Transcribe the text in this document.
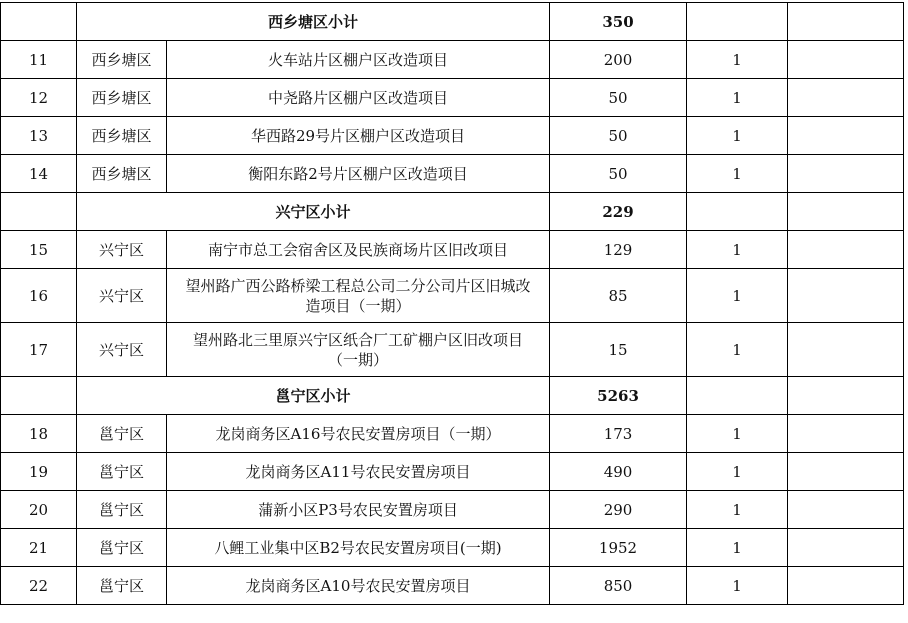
	西乡塘区小计		350		
11	西乡塘区	火车站片区棚户区改造项目	200	1	
12	西乡塘区	中尧路片区棚户区改造项目	50	1	
13	西乡塘区	华西路29号片区棚户区改造项目	50	1	
14	西乡塘区	衡阳东路2号片区棚户区改造项目	50	1	
	兴宁区小计		229		
15	兴宁区	南宁市总工会宿舍区及民族商场片区旧改项目	129	1	
16	兴宁区	望州路广西公路桥梁工程总公司二分公司片区旧城改造项目（一期）	85	1	
17	兴宁区	望州路北三里原兴宁区纸合厂工矿棚户区旧改项目（一期）	15	1	
	邕宁区小计		5263		
18	邕宁区	龙岗商务区A16号农民安置房项目（一期）	173	1	
19	邕宁区	龙岗商务区A11号农民安置房项目	490	1	
20	邕宁区	蒲新小区P3号农民安置房项目	290	1	
21	邕宁区	八鲤工业集中区B2号农民安置房项目(一期)	1952	1	
22	邕宁区	龙岗商务区A10号农民安置房项目	850	1	
